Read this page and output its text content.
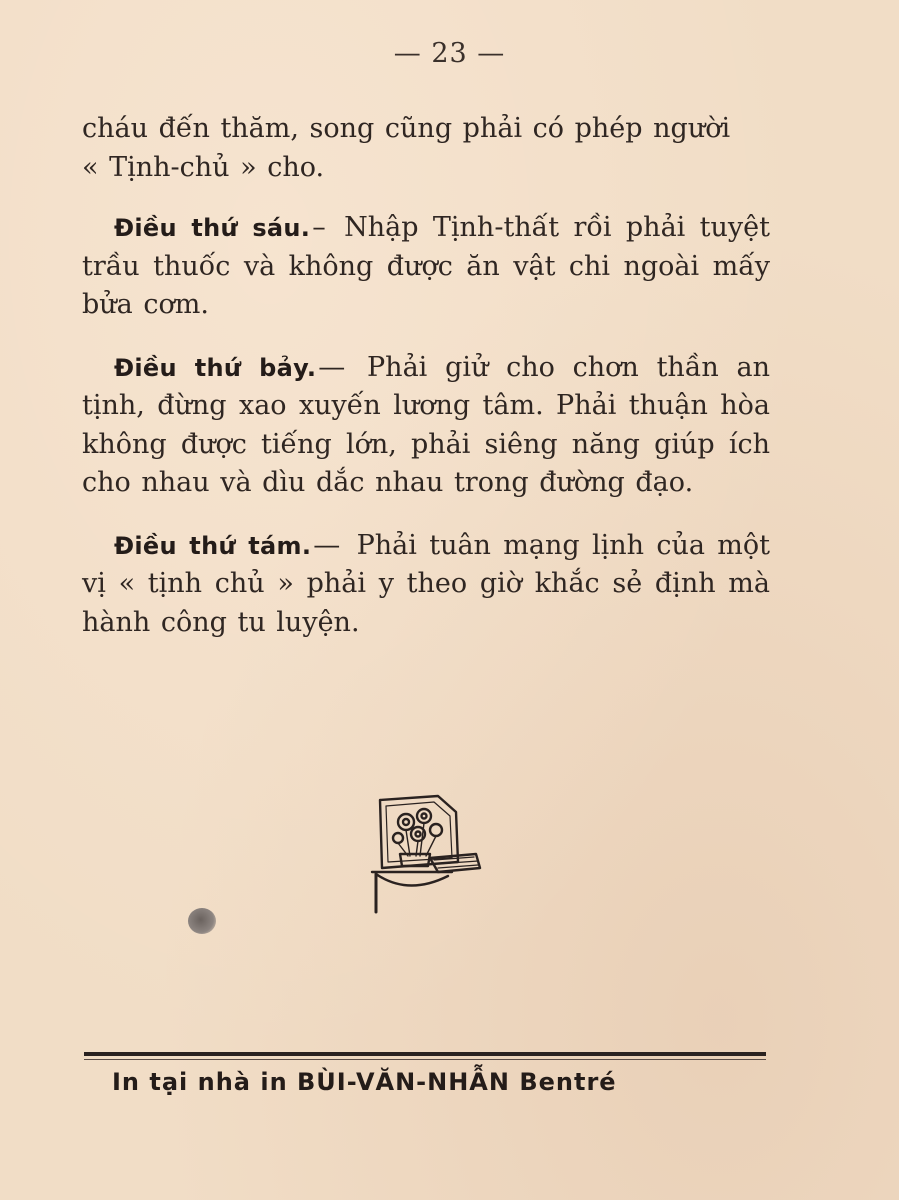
— 23 —

cháu đến thăm, song cũng phải có phép người
« Tịnh-chủ » cho.

Điều thứ sáu.– Nhập Tịnh-thất rồi phải tuyệt trầu thuốc và không được ăn vật chi ngoài mấy bửa cơm.

Điều thứ bảy.— Phải giử cho chơn thần an tịnh, đừng xao xuyến lương tâm. Phải thuận hòa không được tiếng lớn, phải siêng năng giúp ích cho nhau và dìu dắc nhau trong đường đạo.

Điều thứ tám.— Phải tuân mạng lịnh của một vị « tịnh chủ » phải y theo giờ khắc sẻ định mà hành công tu luyện.

In tại nhà in BÙI-VĂN-NHẪN Bentré
